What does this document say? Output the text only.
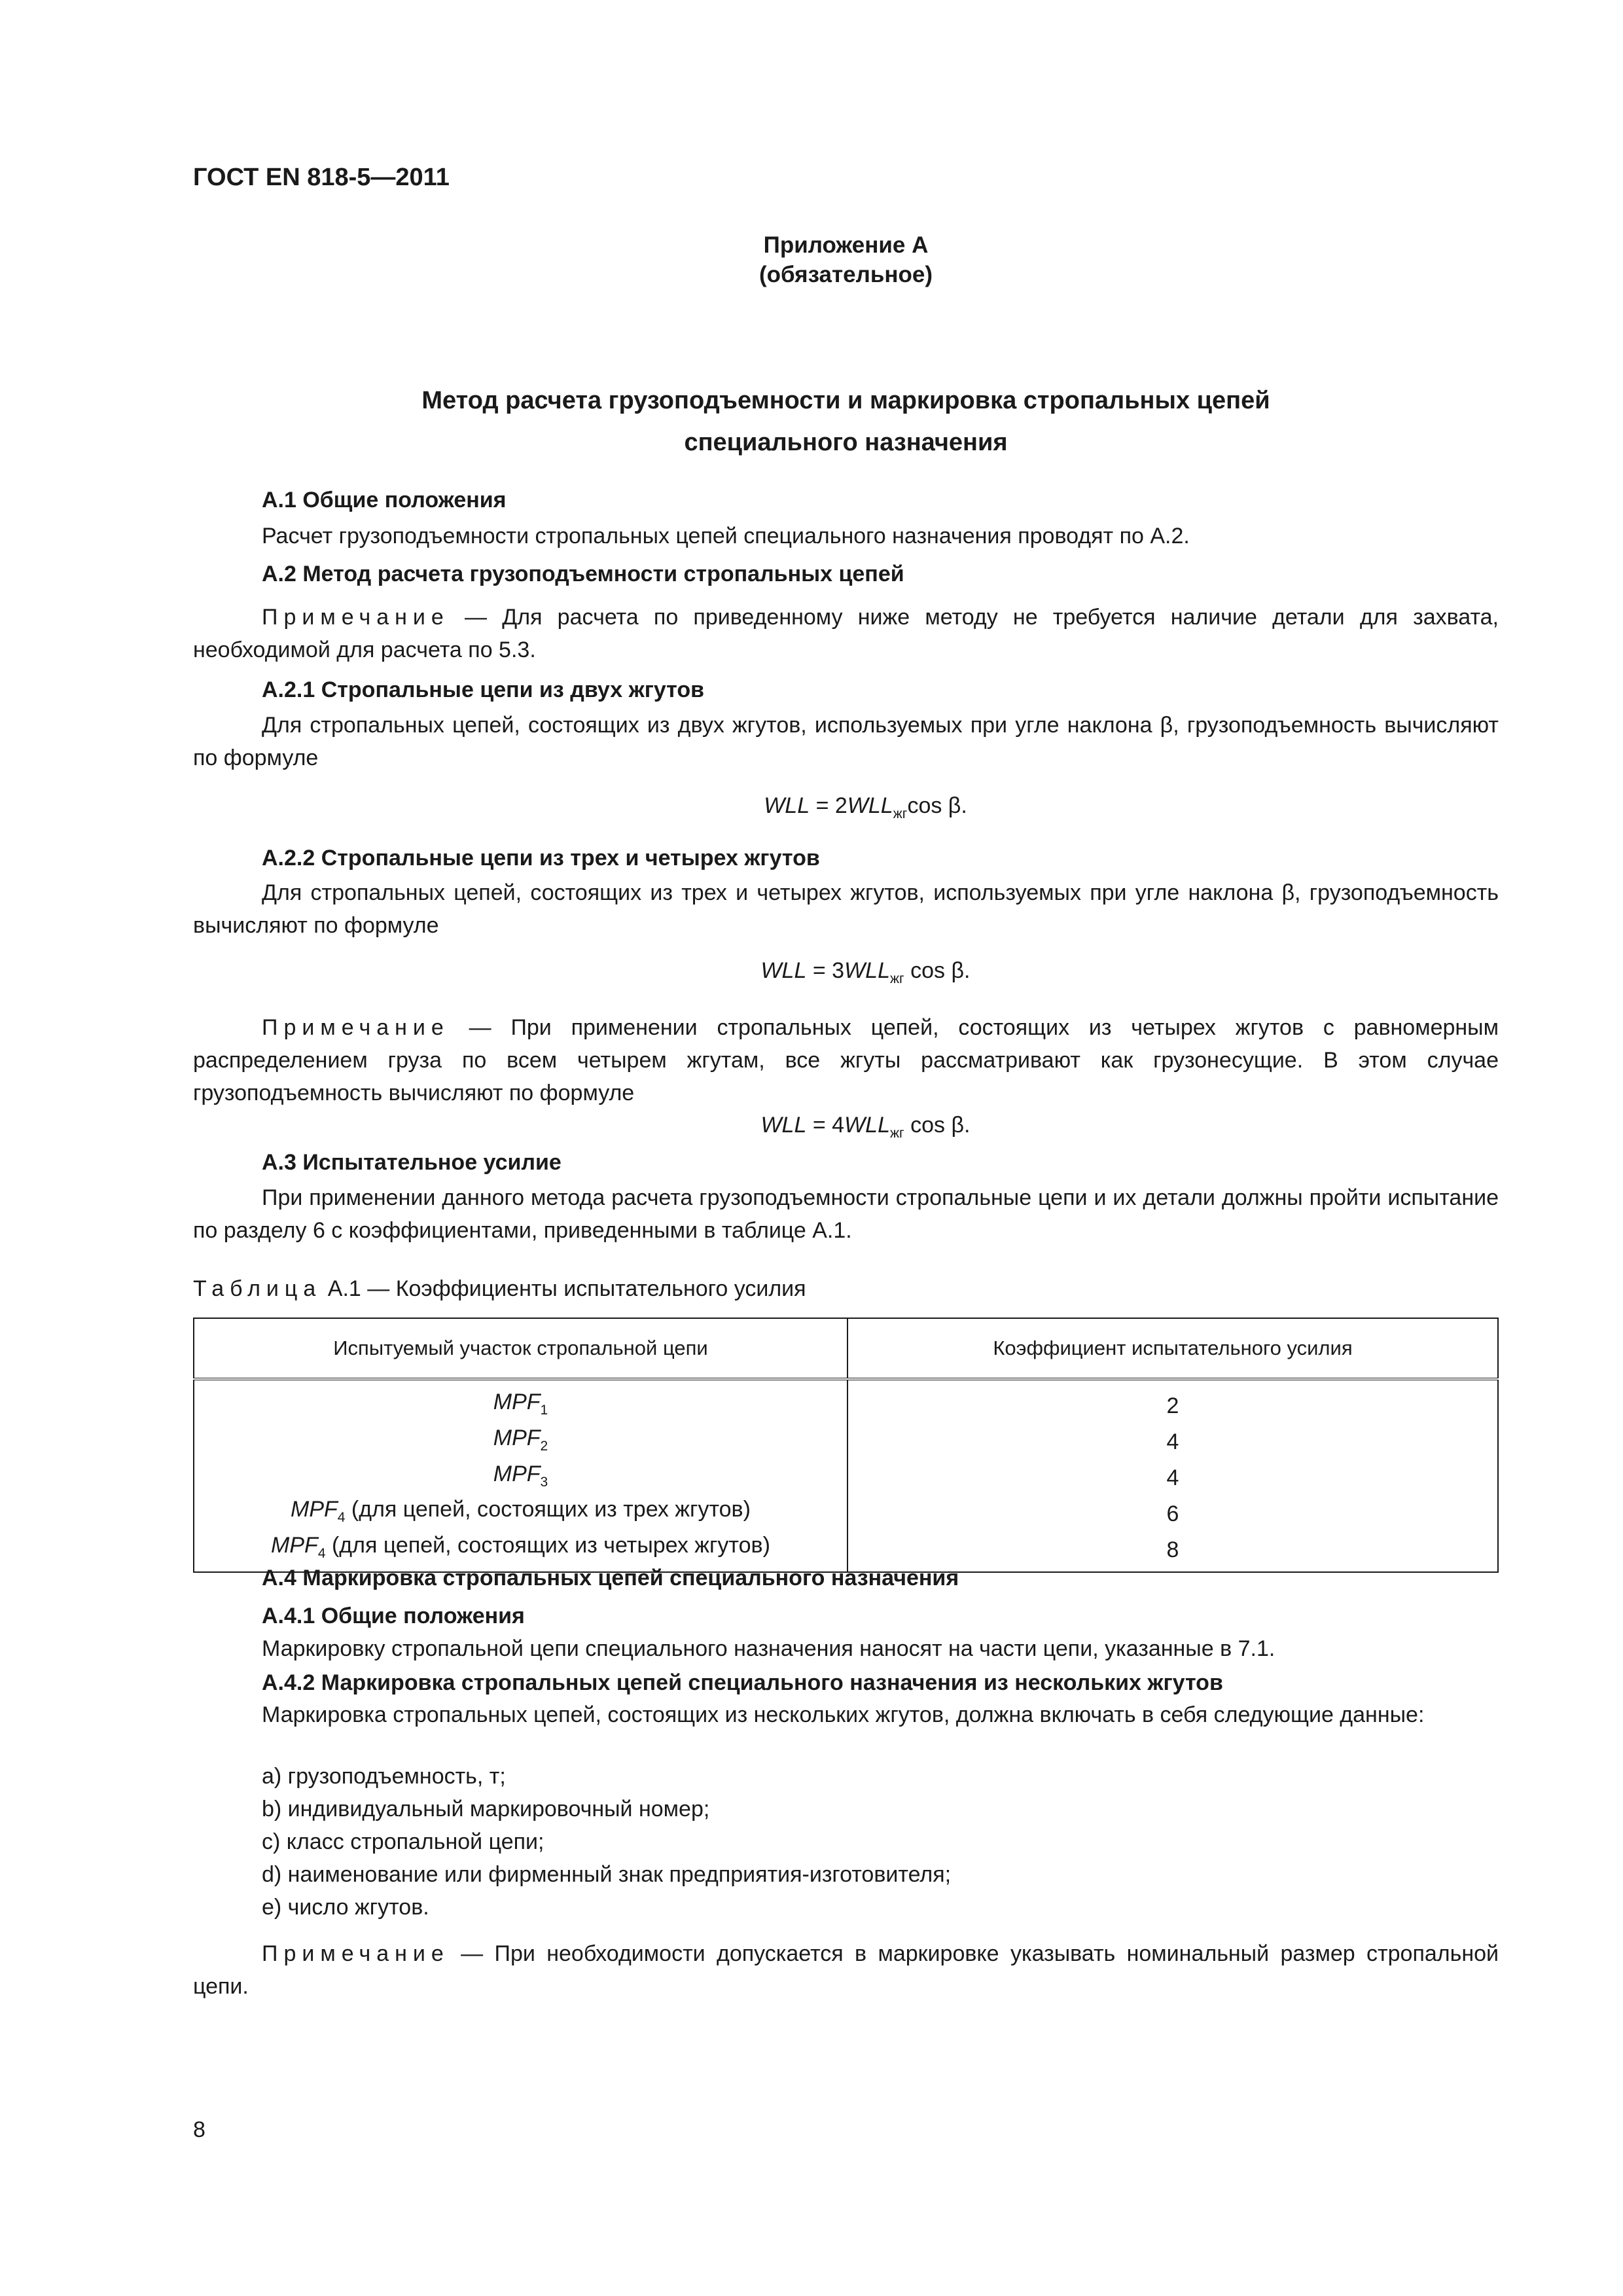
ГОСТ EN 818-5—2011
Приложение А
(обязательное)
Метод расчета грузоподъемности и маркировка стропальных цепей
специального назначения
А.1 Общие положения
Расчет грузоподъемности стропальных цепей специального назначения проводят по А.2.
А.2 Метод расчета грузоподъемности стропальных цепей
Примечание — Для расчета по приведенному ниже методу не требуется наличие детали для захвата, необходимой для расчета по 5.3.
А.2.1 Стропальные цепи из двух жгутов
Для стропальных цепей, состоящих из двух жгутов, используемых при угле наклона β, грузоподъемность вычисляют по формуле
WLL = $2WLL_{жг}\cos$ β.
А.2.2 Стропальные цепи из трех и четырех жгутов
Для стропальных цепей, состоящих из трех и четырех жгутов, используемых при угле наклона β, грузоподъемность вычисляют по формуле
WLL = $3WLL_{жг}$ cos β.
Примечание — При применении стропальных цепей, состоящих из четырех жгутов с равномерным распределением груза по всем четырем жгутам, все жгуты рассматривают как грузонесущие. В этом случае грузоподъемность вычисляют по формуле
WLL = $4WLL_{жг}$ cos β.
А.3 Испытательное усилие
При применении данного метода расчета грузоподъемности стропальные цепи и их детали должны пройти испытание по разделу 6 с коэффициентами, приведенными в таблице А.1.
Таблица А.1 — Коэффициенты испытательного усилия
Испытуемый участок стропальной цепи	Коэффициент испытательного усилия
$MPF_1$	2
$MPF_2$	4
$MPF_3$	4
$MPF_4$ (для цепей, состоящих из трех жгутов)	6
$MPF_4$ (для цепей, состоящих из четырех жгутов)	8
А.4 Маркировка стропальных цепей специального назначения
А.4.1 Общие положения
Маркировку стропальной цепи специального назначения наносят на части цепи, указанные в 7.1.
А.4.2 Маркировка стропальных цепей специального назначения из нескольких жгутов
Маркировка стропальных цепей, состоящих из нескольких жгутов, должна включать в себя следующие данные:
a) грузоподъемность, т;
b) индивидуальный маркировочный номер;
c) класс стропальной цепи;
d) наименование или фирменный знак предприятия-изготовителя;
e) число жгутов.
Примечание — При необходимости допускается в маркировке указывать номинальный размер стропальной цепи.
8
